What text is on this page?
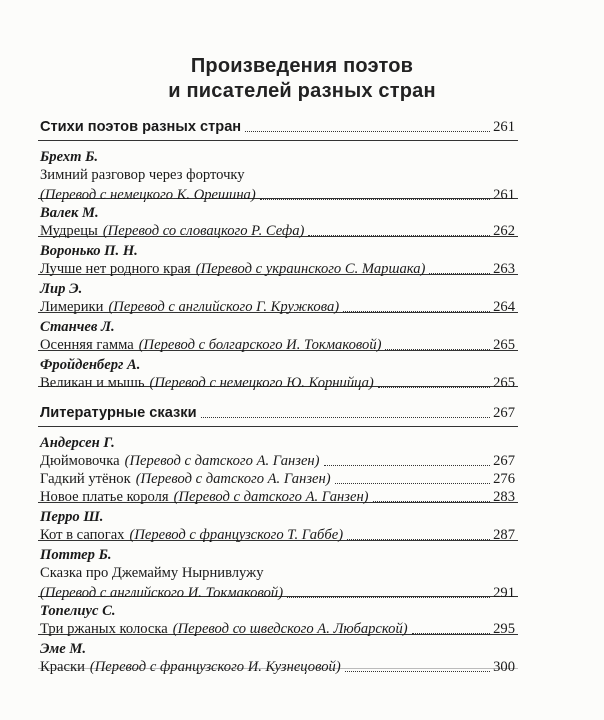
Произведения поэтов
и писателей разных стран
Стихи поэтов разных стран	261
Брехт Б.
Зимний разговор через форточку
(Перевод с немецкого К. Орешина)	261
Валек М.
Мудрецы (Перевод со словацкого Р. Сефа)	262
Воронько П. Н.
Лучше нет родного края (Перевод с украинского С. Маршака)	263
Лир Э.
Лимерики (Перевод с английского Г. Кружкова)	264
Станчев Л.
Осенняя гамма (Перевод с болгарского И. Токмаковой)	265
Фройденберг А.
Великан и мышь (Перевод с немецкого Ю. Корнийца)	265
Литературные сказки	267
Андерсен Г.
Дюймовочка (Перевод с датского А. Ганзен)	267
Гадкий утёнок (Перевод с датского А. Ганзен)	276
Новое платье короля (Перевод с датского А. Ганзен)	283
Перро Ш.
Кот в сапогах (Перевод с французского Т. Габбе)	287
Поттер Б.
Сказка про Джемайму Нырнивлужу
(Перевод с английского И. Токмаковой)	291
Топелиус С.
Три ржаных колоска (Перевод со шведского А. Любарской)	295
Эме М.
Краски (Перевод с французского И. Кузнецовой)	300
